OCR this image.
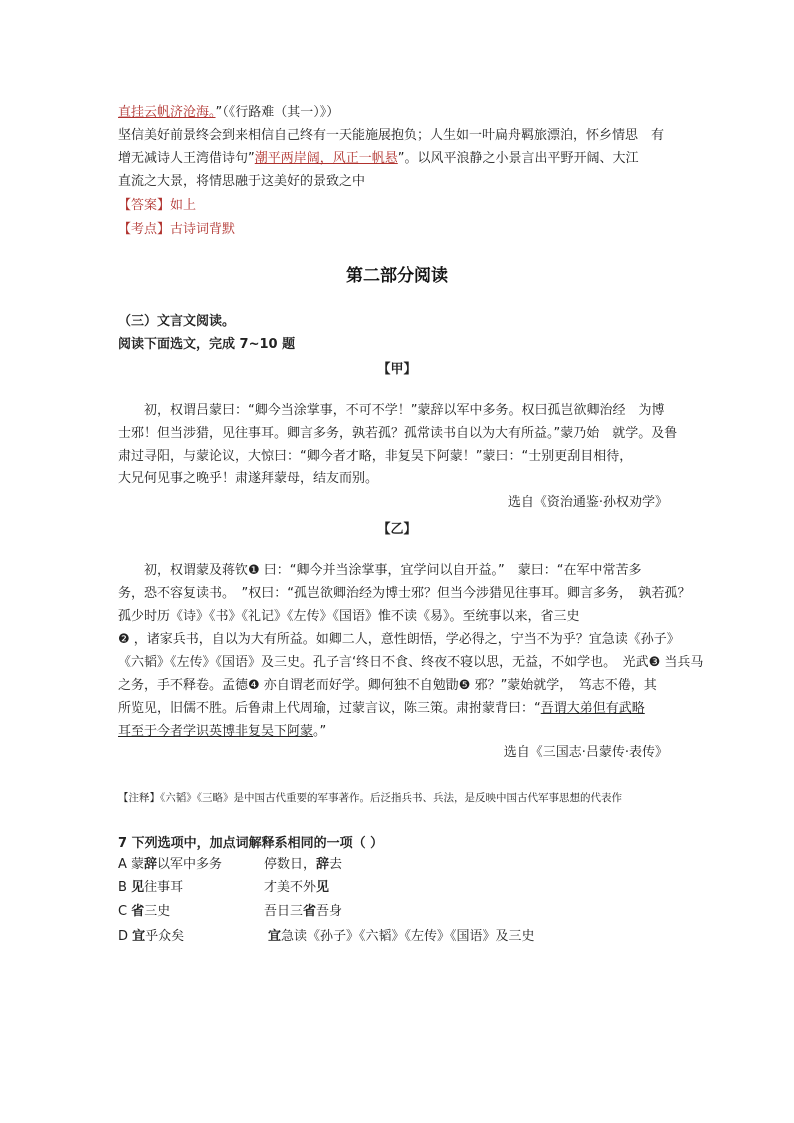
直挂云帆济沧海。”（《行路难（其一）》）
坚信美好前景终会到来相信自己终有一天能施展抱负；人生如一叶扁舟羁旅漂泊，怀乡情思　有
增无减诗人王湾借诗句”潮平两岸阔，风正一帆悬”。以风平浪静之小景言出平野开阔、大江
直流之大景，将情思融于这美好的景致之中
【答案】如上
【考点】古诗词背默
第二部分阅读
（三）文言文阅读。
阅读下面选文，完成 7~10 题
【甲】
　　初，权谓吕蒙曰：“卿今当涂掌事，不可不学！”蒙辞以军中多务。权曰孤岂欲卿治经　为博
士邪！但当涉猎，见往事耳。卿言多务，孰若孤？孤常读书自以为大有所益。”蒙乃始　就学。及鲁
肃过寻阳，与蒙论议，大惊曰：“卿今者才略，非复吴下阿蒙！”蒙曰：“士别更刮目相待，
大兄何见事之晚乎！肃遂拜蒙母，结友而别。
选自《资治通鉴·孙权劝学》
【乙】
　　初，权谓蒙及蒋钦❶ 曰：“卿今并当涂掌事，宜学问以自开益。”　蒙曰：“在军中常苦多
务，恐不容复读书。　”权曰：“孤岂欲卿治经为博士邪？但当今涉猎见往事耳。卿言多务，　孰若孤？
孤少时历《诗》《书》《礼记》《左传》《国语》惟不读《易》。至统事以来，省三史
❷ ，诸家兵书，自以为大有所益。如卿二人，意性朗悟，学必得之，宁当不为乎？宜急读《孙子》
《六韬》《左传》《国语》及三史。孔子言‘终日不食、终夜不寝以思，无益，不如学也。　光武❸ 当兵马
之务，手不释卷。孟德❹ 亦自谓老而好学。卿何独不自勉勖❺ 邪？”蒙始就学，　笃志不倦，其
所览见，旧儒不胜。后鲁肃上代周瑜，过蒙言议，陈三策。肃拊蒙背曰：“吾谓大弟但有武略
耳至于今者学识英博非复吴下阿蒙。”
选自《三国志·吕蒙传·表传》
【注释】《六韬》《三略》是中国古代重要的军事著作。后泛指兵书、兵法，是反映中国古代军事思想的代表作
7 下列选项中，加点词解释系相同的一项（ ）
A 蒙辞以军中多务	停数日，辞去
B 见往事耳	才美不外见
C 省三史	吾日三省吾身
D 宜乎众矣	宜急读《孙子》《六韬》《左传》《国语》及三史
